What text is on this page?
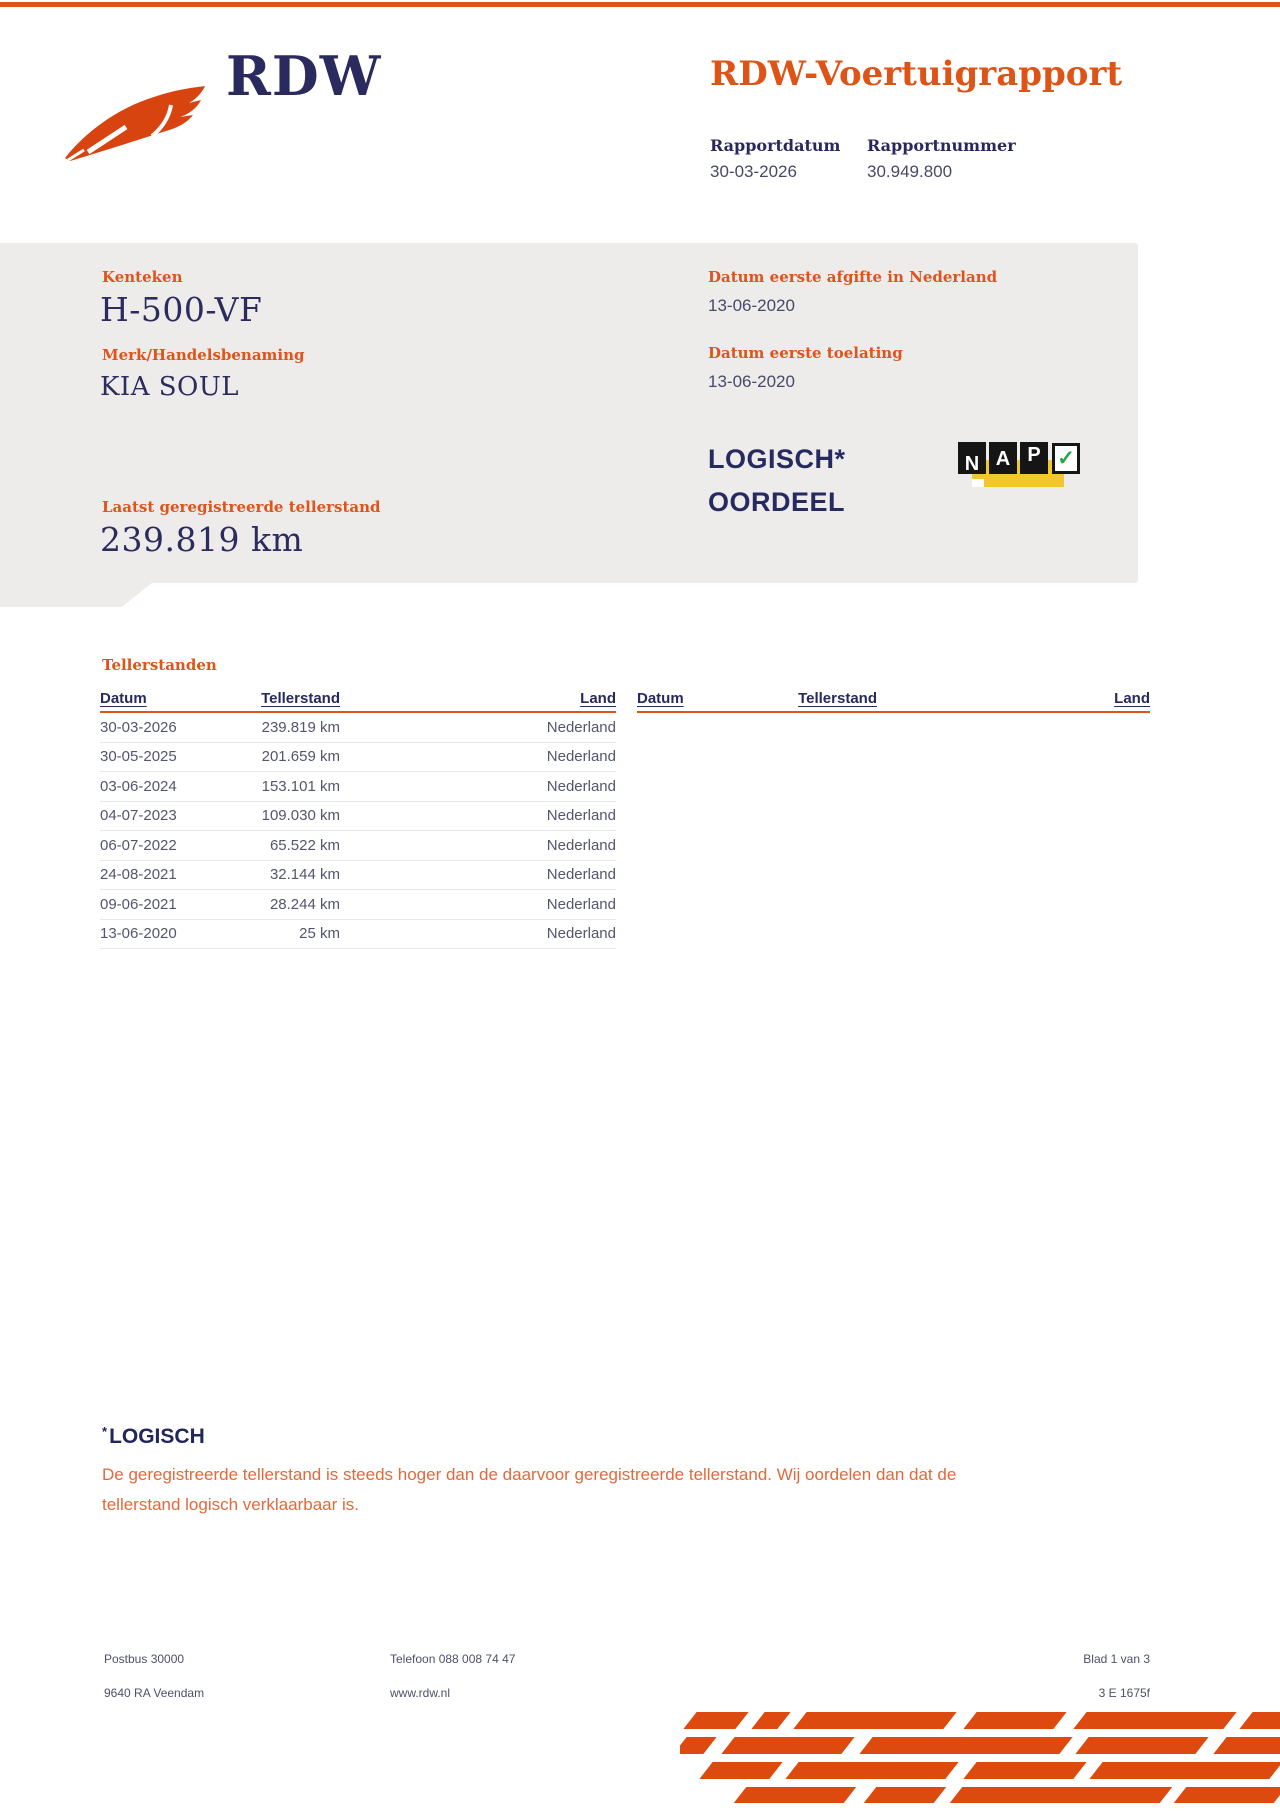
RDW	RDW-Voertuigrapport
Rapportdatum Rapportnummer
30-03-2026	30.949.800
Kenteken
H-500-VF
Merk/Handelsbenaming
KIA SOUL
Datum eerste afgifte in Nederland
13-06-2020
Datum eerste toelating
13-06-2020
LOGISCH*
OORDEEL
N A P ✓
Laatst geregistreerde tellerstand
239.819 km
Tellerstanden
Datum	Tellerstand	Land
30-03-2026	239.819 km	Nederland
30-05-2025	201.659 km	Nederland
03-06-2024	153.101 km	Nederland
04-07-2023	109.030 km	Nederland
06-07-2022	65.522 km	Nederland
24-08-2021	32.144 km	Nederland
09-06-2021	28.244 km	Nederland
13-06-2020	25 km	Nederland
Datum	Tellerstand	Land
*LOGISCH
De geregistreerde tellerstand is steeds hoger dan de daarvoor geregistreerde tellerstand. Wij oordelen dan dat de tellerstand logisch verklaarbaar is.
Postbus 30000
9640 RA Veendam
Telefoon 088 008 74 47
www.rdw.nl
Blad 1 van 3
3 E 1675f
